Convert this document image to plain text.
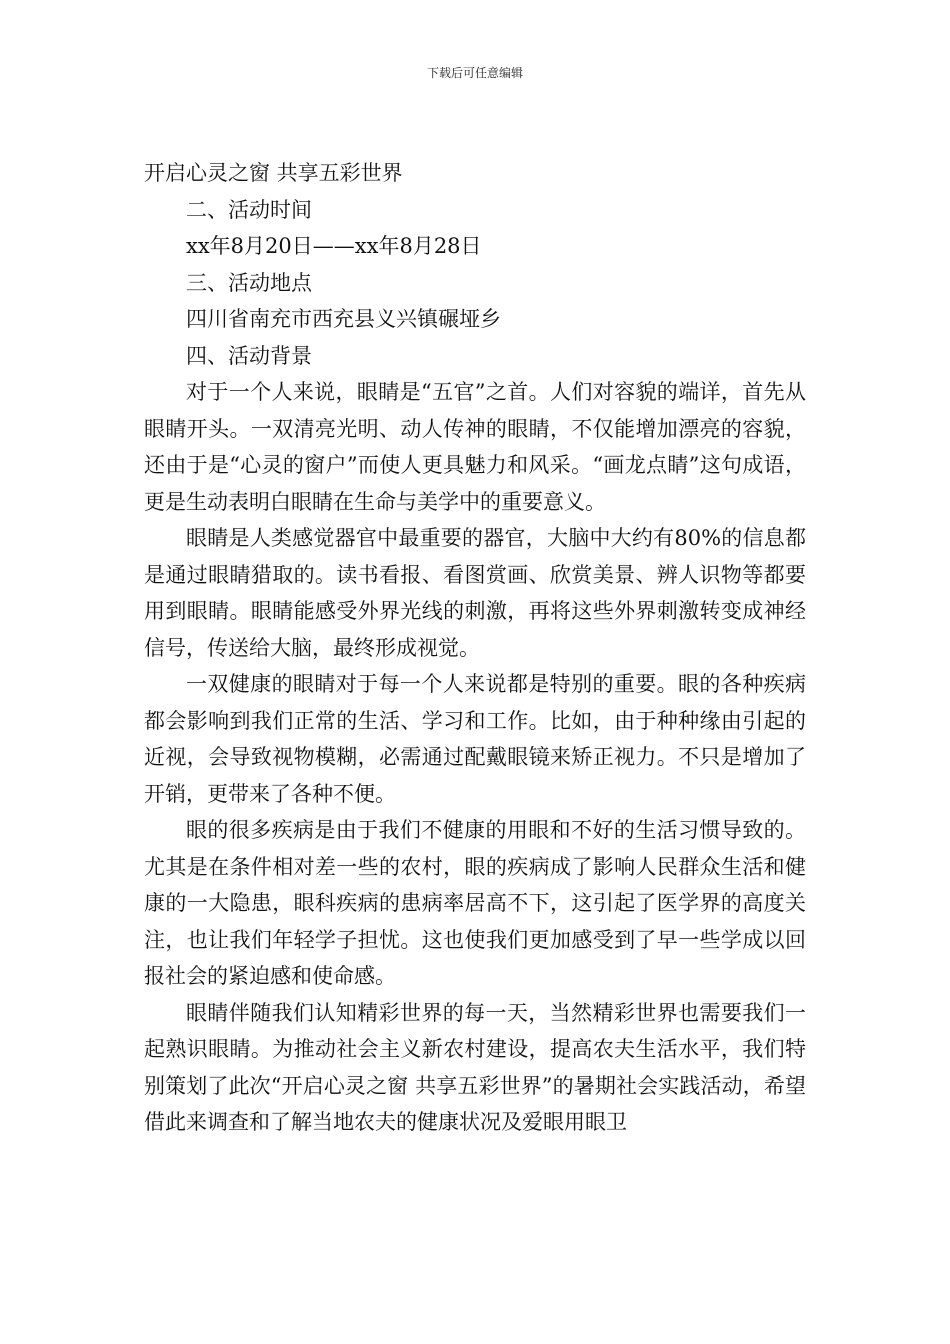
下载后可任意编辑
开启心灵之窗 共享五彩世界
二、活动时间
xx年8月20日——xx年8月28日
三、活动地点
四川省南充市西充县义兴镇碾垭乡
四、活动背景

对于一个人来说，眼睛是“五官”之首。人们对容貌的端详，首先从眼睛开头。一双清亮光明、动人传神的眼睛，不仅能增加漂亮的容貌，还由于是“心灵的窗户”而使人更具魅力和风采。“画龙点睛”这句成语，更是生动表明白眼睛在生命与美学中的重要意义。

眼睛是人类感觉器官中最重要的器官，大脑中大约有80%的信息都是通过眼睛猎取的。读书看报、看图赏画、欣赏美景、辨人识物等都要用到眼睛。眼睛能感受外界光线的刺激，再将这些外界刺激转变成神经信号，传送给大脑，最终形成视觉。

一双健康的眼睛对于每一个人来说都是特别的重要。眼的各种疾病都会影响到我们正常的生活、学习和工作。比如，由于种种缘由引起的近视，会导致视物模糊，必需通过配戴眼镜来矫正视力。不只是增加了开销，更带来了各种不便。

眼的很多疾病是由于我们不健康的用眼和不好的生活习惯导致的。尤其是在条件相对差一些的农村，眼的疾病成了影响人民群众生活和健康的一大隐患，眼科疾病的患病率居高不下，这引起了医学界的高度关注，也让我们年轻学子担忧。这也使我们更加感受到了早一些学成以回报社会的紧迫感和使命感。

眼睛伴随我们认知精彩世界的每一天，当然精彩世界也需要我们一起熟识眼睛。为推动社会主义新农村建设，提高农夫生活水平，我们特别策划了此次“开启心灵之窗 共享五彩世界”的暑期社会实践活动，希望借此来调查和了解当地农夫的健康状况及爱眼用眼卫
